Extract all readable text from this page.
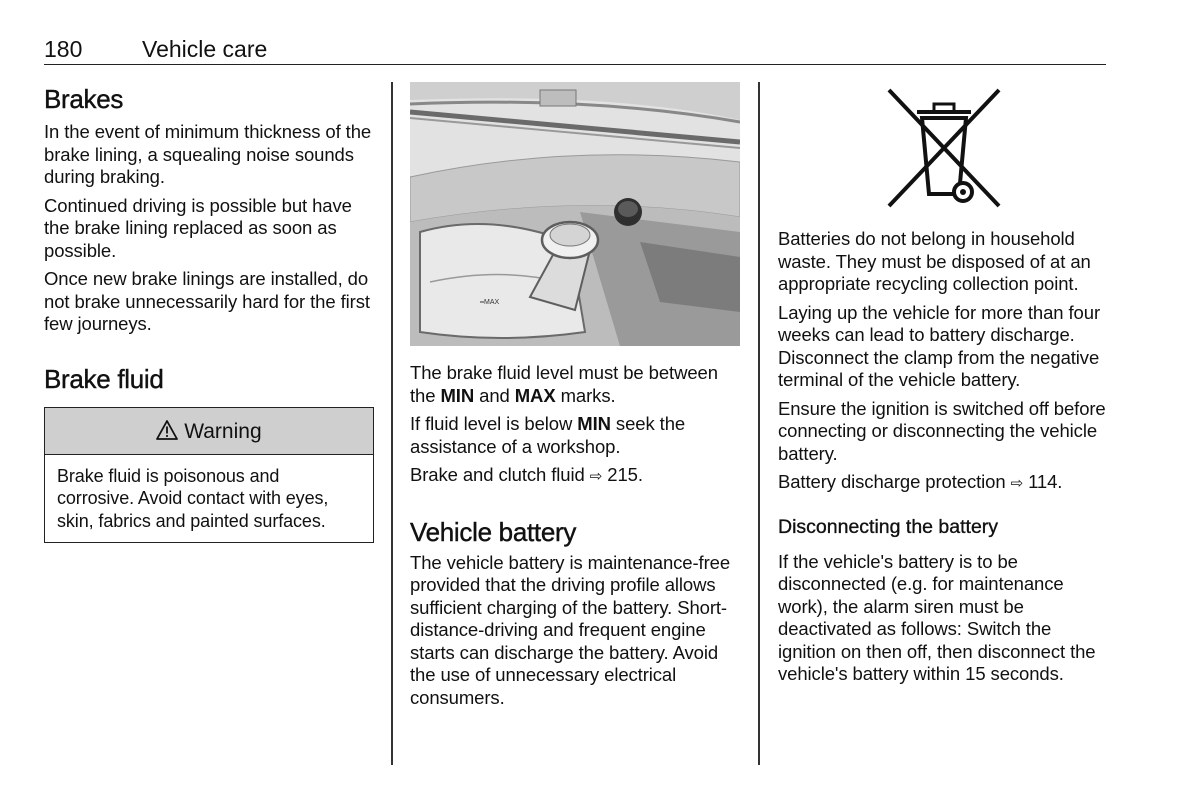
180	Vehicle care
Brakes

In the event of minimum thickness of the brake lining, a squealing noise sounds during braking.

Continued driving is possible but have the brake lining replaced as soon as possible.

Once new brake linings are installed, do not brake unnecessarily hard for the first few journeys.

Brake fluid
Warning

Brake fluid is poisonous and corrosive. Avoid contact with eyes, skin, fabrics and painted surfaces.

MAX

The brake fluid level must be between the MIN and MAX marks.

If fluid level is below MIN seek the assistance of a workshop.

Brake and clutch fluid ⇨ 215.

Vehicle battery

The vehicle battery is maintenance-free provided that the driving profile allows sufficient charging of the battery. Short-distance-driving and frequent engine starts can discharge the battery. Avoid the use of unnecessary electrical consumers.

Batteries do not belong in household waste. They must be disposed of at an appropriate recycling collection point.

Laying up the vehicle for more than four weeks can lead to battery discharge. Disconnect the clamp from the negative terminal of the vehicle battery.

Ensure the ignition is switched off before connecting or disconnecting the vehicle battery.

Battery discharge protection ⇨ 114.

Disconnecting the battery

If the vehicle's battery is to be disconnected (e.g. for maintenance work), the alarm siren must be deactivated as follows: Switch the ignition on then off, then disconnect the vehicle's battery within 15 seconds.
